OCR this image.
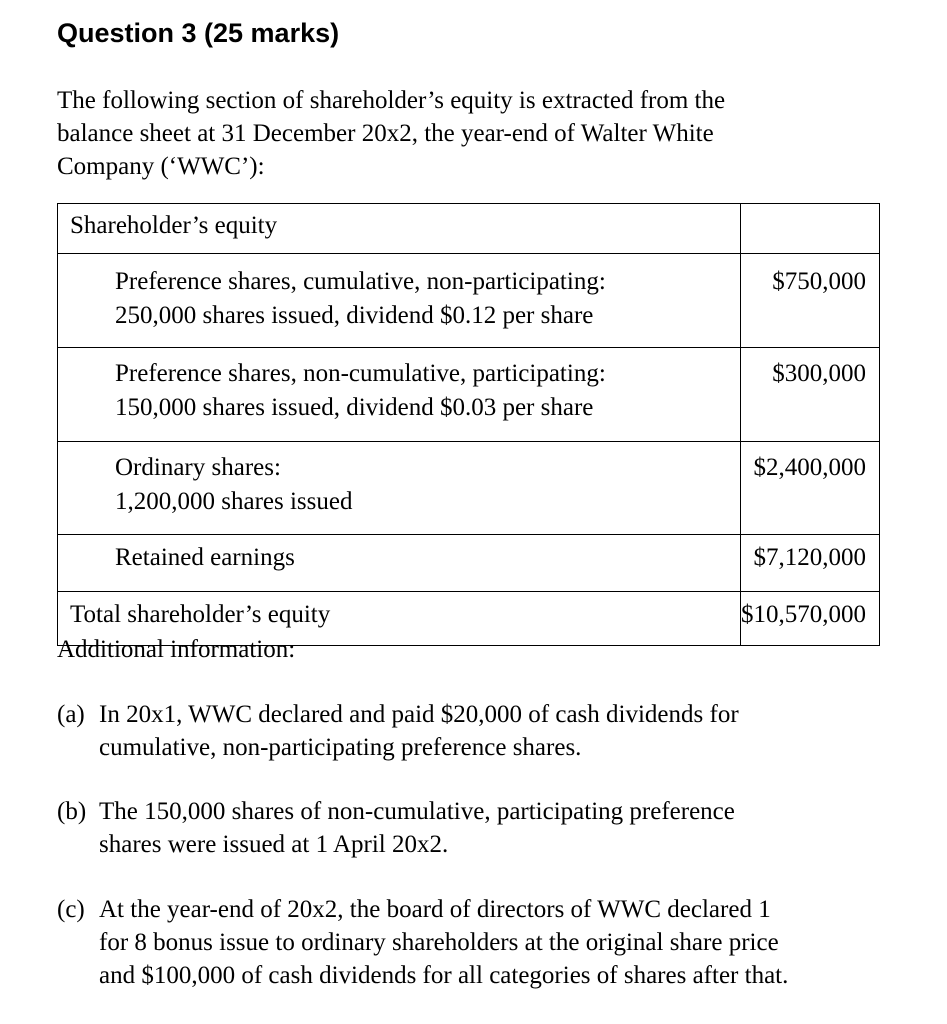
Question 3 (25 marks)
The following section of shareholder’s equity is extracted from the
balance sheet at 31 December 20x2, the year-end of Walter White
Company (‘WWC’):
Shareholder’s equity	

Preference shares, cumulative, non-participating:
250,000 shares issued, dividend $0.12 per share	$750,000

Preference shares, non-cumulative, participating:
150,000 shares issued, dividend $0.03 per share	$300,000

Ordinary shares:
1,200,000 shares issued	$2,400,000

Retained earnings	$7,120,000

Total shareholder’s equity	$10,570,000
Additional information:
(a) In 20x1, WWC declared and paid $20,000 of cash dividends for
cumulative, non-participating preference shares.
(b) The 150,000 shares of non-cumulative, participating preference
shares were issued at 1 April 20x2.
(c) At the year-end of 20x2, the board of directors of WWC declared 1
for 8 bonus issue to ordinary shareholders at the original share price
and $100,000 of cash dividends for all categories of shares after that.
